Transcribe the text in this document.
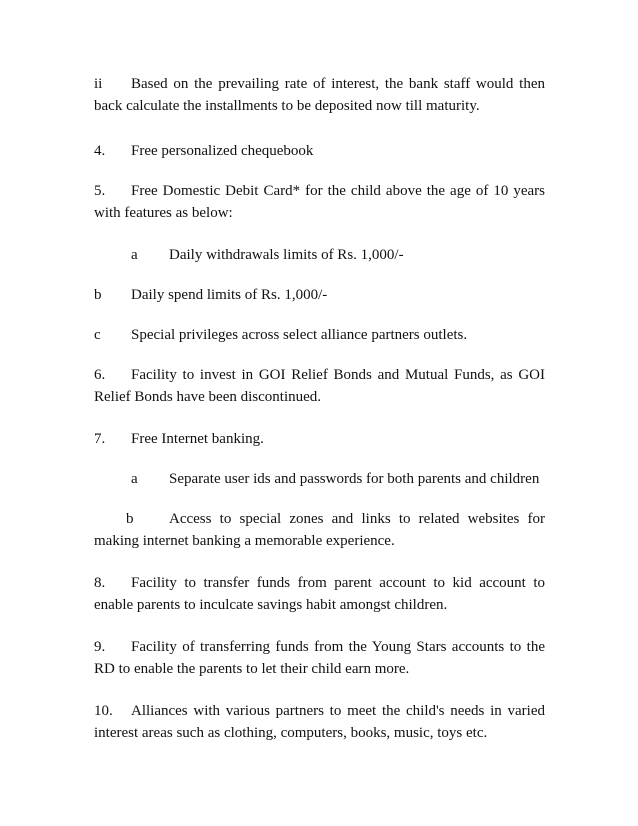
ii Based on the prevailing rate of interest, the bank staff would then back calculate the installments to be deposited now till maturity.
4. Free personalized chequebook
5. Free Domestic Debit Card* for the child above the age of 10 years with features as below:
a Daily withdrawals limits of Rs. 1,000/-
b Daily spend limits of Rs. 1,000/-
c Special privileges across select alliance partners outlets.
6. Facility to invest in GOI Relief Bonds and Mutual Funds, as GOI Relief Bonds have been discontinued.
7. Free Internet banking.
a Separate user ids and passwords for both parents and children
b Access to special zones and links to related websites for making internet banking a memorable experience.
8. Facility to transfer funds from parent account to kid account to enable parents to inculcate savings habit amongst children.
9. Facility of transferring funds from the Young Stars accounts to the RD to enable the parents to let their child earn more.
10. Alliances with various partners to meet the child's needs in varied interest areas such as clothing, computers, books, music, toys etc.
